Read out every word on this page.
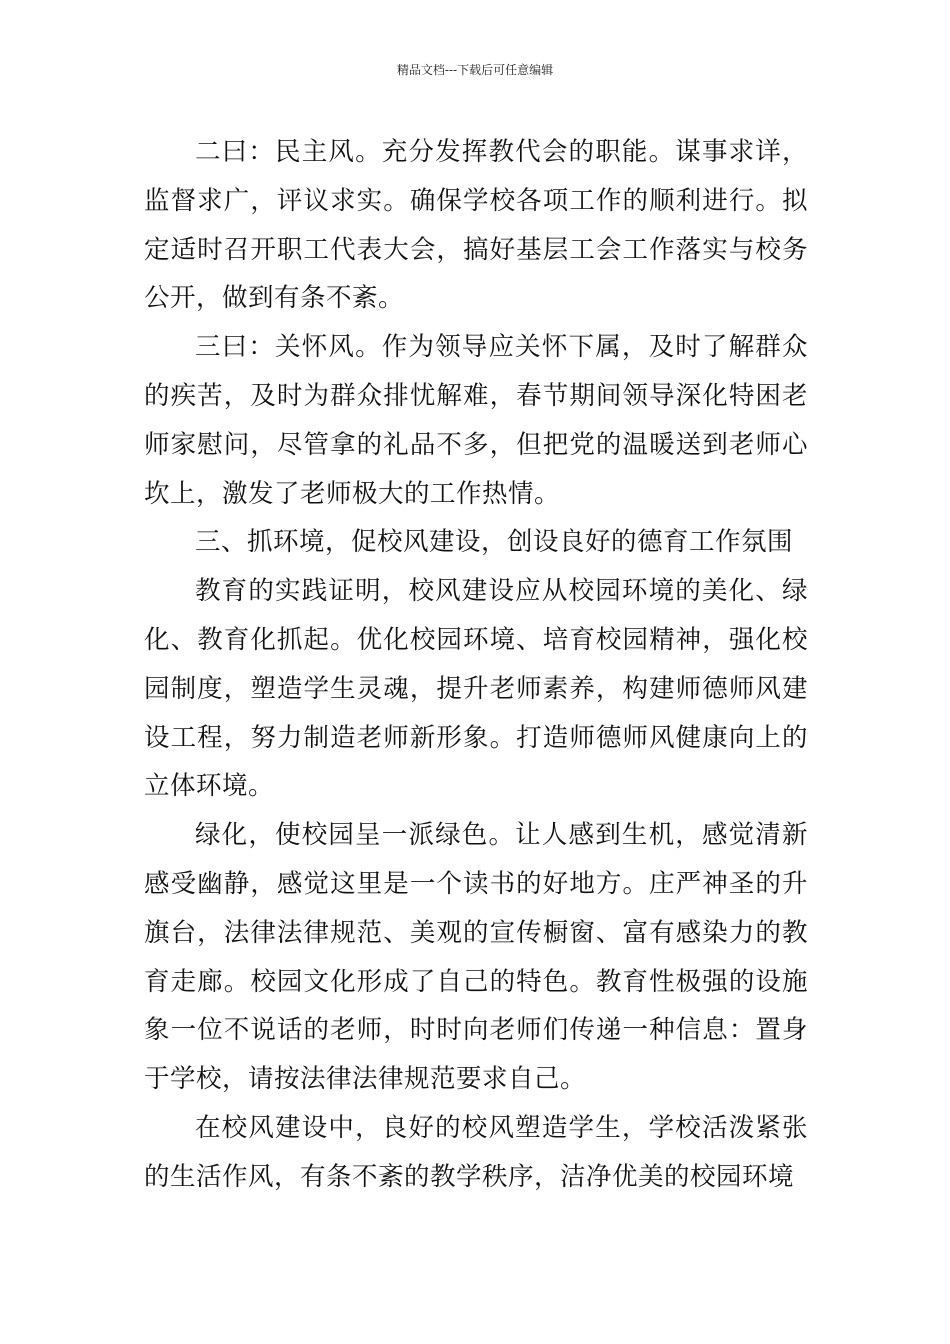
精品文档---下载后可任意编辑

二曰：民主风。充分发挥教代会的职能。谋事求详，监督求广，评议求实。确保学校各项工作的顺利进行。拟定适时召开职工代表大会，搞好基层工会工作落实与校务公开，做到有条不紊。

三曰：关怀风。作为领导应关怀下属，及时了解群众的疾苦，及时为群众排忧解难，春节期间领导深化特困老师家慰问，尽管拿的礼品不多，但把党的温暖送到老师心坎上，激发了老师极大的工作热情。

三、抓环境，促校风建设，创设良好的德育工作氛围

教育的实践证明，校风建设应从校园环境的美化、绿化、教育化抓起。优化校园环境、培育校园精神，强化校园制度，塑造学生灵魂，提升老师素养，构建师德师风建设工程，努力制造老师新形象。打造师德师风健康向上的立体环境。

绿化，使校园呈一派绿色。让人感到生机，感觉清新感受幽静，感觉这里是一个读书的好地方。庄严神圣的升旗台，法律法律规范、美观的宣传橱窗、富有感染力的教育走廊。校园文化形成了自己的特色。教育性极强的设施象一位不说话的老师，时时向老师们传递一种信息：置身于学校，请按法律法律规范要求自己。

在校风建设中，良好的校风塑造学生，学校活泼紧张的生活作风，有条不紊的教学秩序，洁净优美的校园环境
